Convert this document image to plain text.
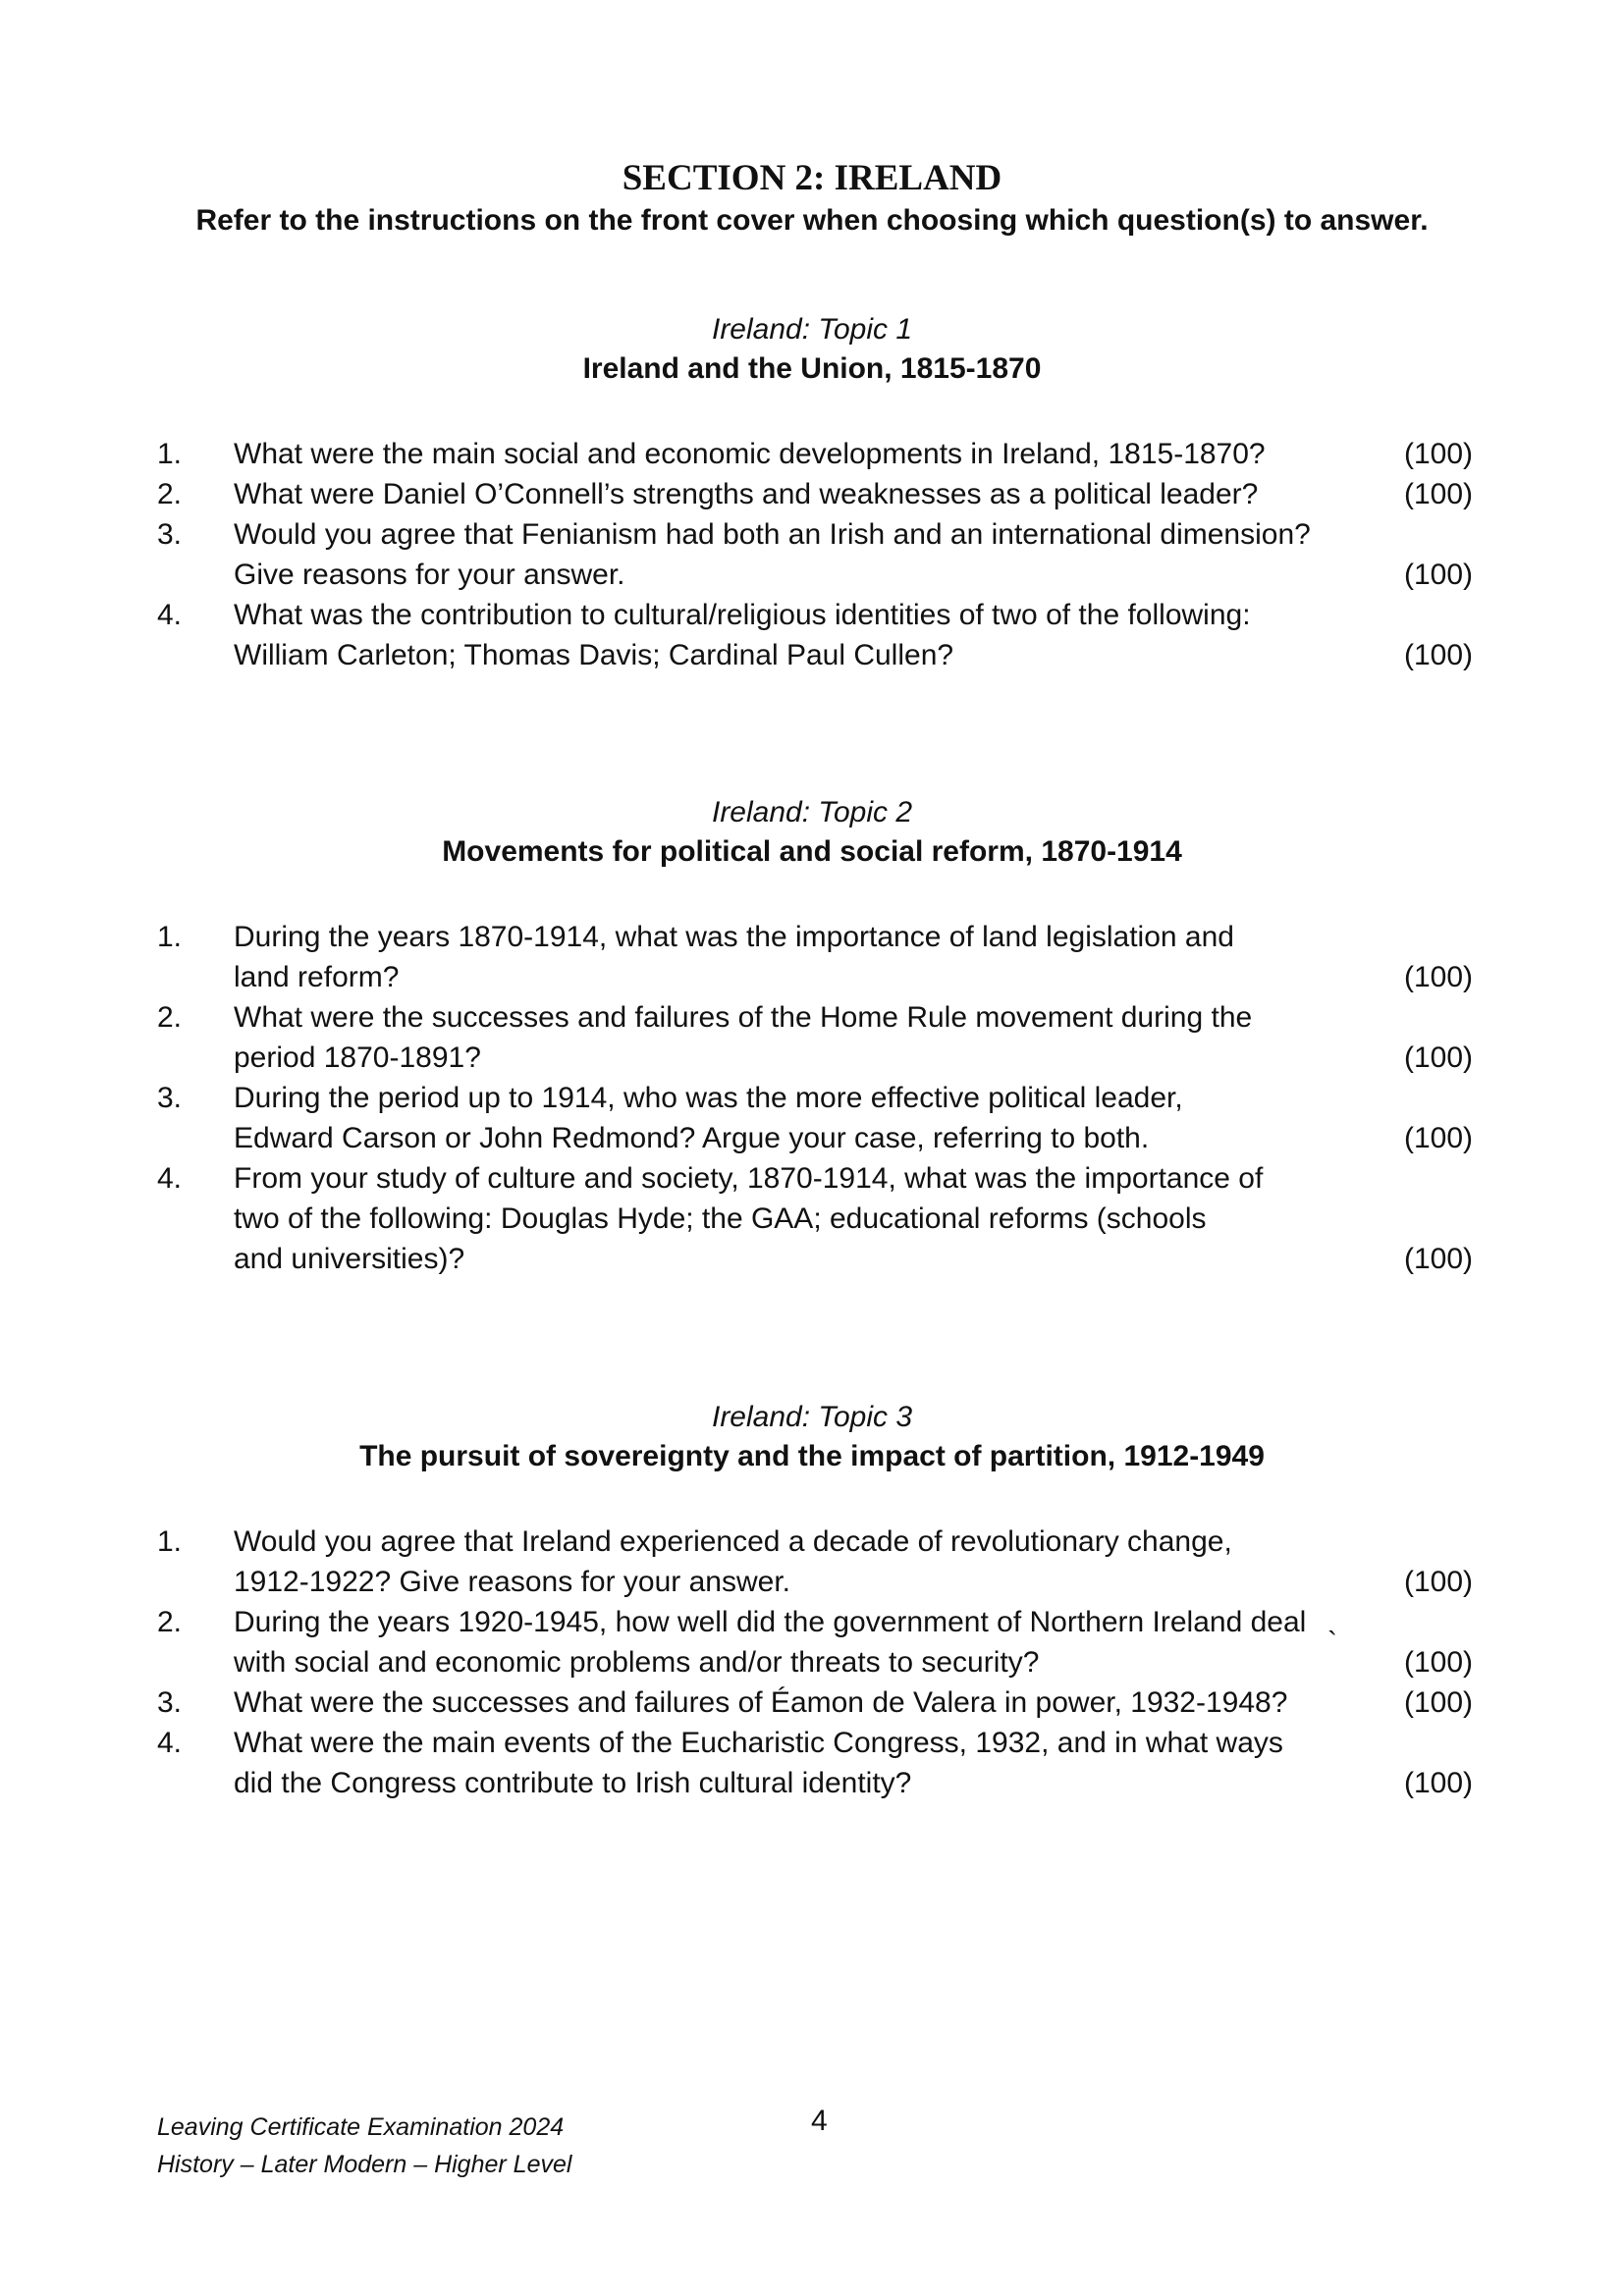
SECTION 2: IRELAND
Refer to the instructions on the front cover when choosing which question(s) to answer.
Ireland: Topic 1
Ireland and the Union, 1815-1870
1. What were the main social and economic developments in Ireland, 1815-1870?	(100)
2. What were Daniel O’Connell’s strengths and weaknesses as a political leader?	(100)
3. Would you agree that Fenianism had both an Irish and an international dimension?
Give reasons for your answer.	(100)
4. What was the contribution to cultural/religious identities of two of the following:
William Carleton; Thomas Davis; Cardinal Paul Cullen?	(100)
Ireland: Topic 2
Movements for political and social reform, 1870-1914
1. During the years 1870-1914, what was the importance of land legislation and
land reform?	(100)
2. What were the successes and failures of the Home Rule movement during the
period 1870-1891?	(100)
3. During the period up to 1914, who was the more effective political leader,
Edward Carson or John Redmond? Argue your case, referring to both.	(100)
4. From your study of culture and society, 1870-1914, what was the importance of
two of the following: Douglas Hyde; the GAA; educational reforms (schools
and universities)?	(100)
Ireland: Topic 3
The pursuit of sovereignty and the impact of partition, 1912-1949
1. Would you agree that Ireland experienced a decade of revolutionary change,
1912-1922? Give reasons for your answer.	(100)
2. During the years 1920-1945, how well did the government of Northern Ireland deal
with social and economic problems and/or threats to security?	(100)
3. What were the successes and failures of Éamon de Valera in power, 1932-1948?	(100)
4. What were the main events of the Eucharistic Congress, 1932, and in what ways
did the Congress contribute to Irish cultural identity?	(100)
`
Leaving Certificate Examination 2024
History – Later Modern – Higher Level
4
